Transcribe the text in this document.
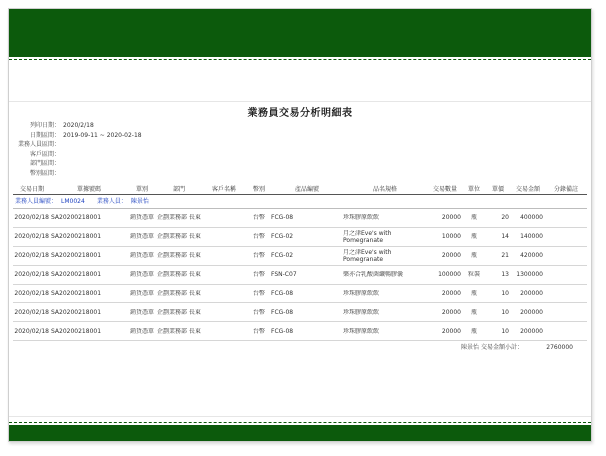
業務員交易分析明細表
列印日期： 2020/2/18
日期區間： 2019-09-11 ~ 2020-02-18
業務人員區間：
客戶區間：
部門區間：
幣別區間：
交易日期	單據號碼	單別	部門	客戶名稱	幣別	產品編號	品名規格	交易數量	單位	單價	交易金額	分錄備註
業務人員編號： LM0024 業務人員： 陳景怡
2020/02/18 SA20200218001	銷貨憑單 企劃業務部 長東	台幣	FCG-08	珍珠膠原飲飲	20000	瓶	20	400000
2020/02/18 SA20200218001	銷貨憑單 企劃業務部 長東	台幣	FCG-02	月之津Eve's with Pomegranate	10000	瓶	14	140000
2020/02/18 SA20200218001	銷貨憑單 企劃業務部 長東	台幣	FCG-02	月之津Eve's with Pomegranate	20000	瓶	21	420000
2020/02/18 SA20200218001	銷貨憑單 企劃業務部 長東	台幣	FSN-C07	樂亦合乳酸菌纖暢膠囊	100000	粒裝	13	1300000
2020/02/18 SA20200218001	銷貨憑單 企劃業務部 長東	台幣	FCG-08	珍珠膠原飲飲	20000	瓶	10	200000
2020/02/18 SA20200218001	銷貨憑單 企劃業務部 長東	台幣	FCG-08	珍珠膠原飲飲	20000	瓶	10	200000
2020/02/18 SA20200218001	銷貨憑單 企劃業務部 長東	台幣	FCG-08	珍珠膠原飲飲	20000	瓶	10	200000
陳景怡 交易金額小計：	2760000
